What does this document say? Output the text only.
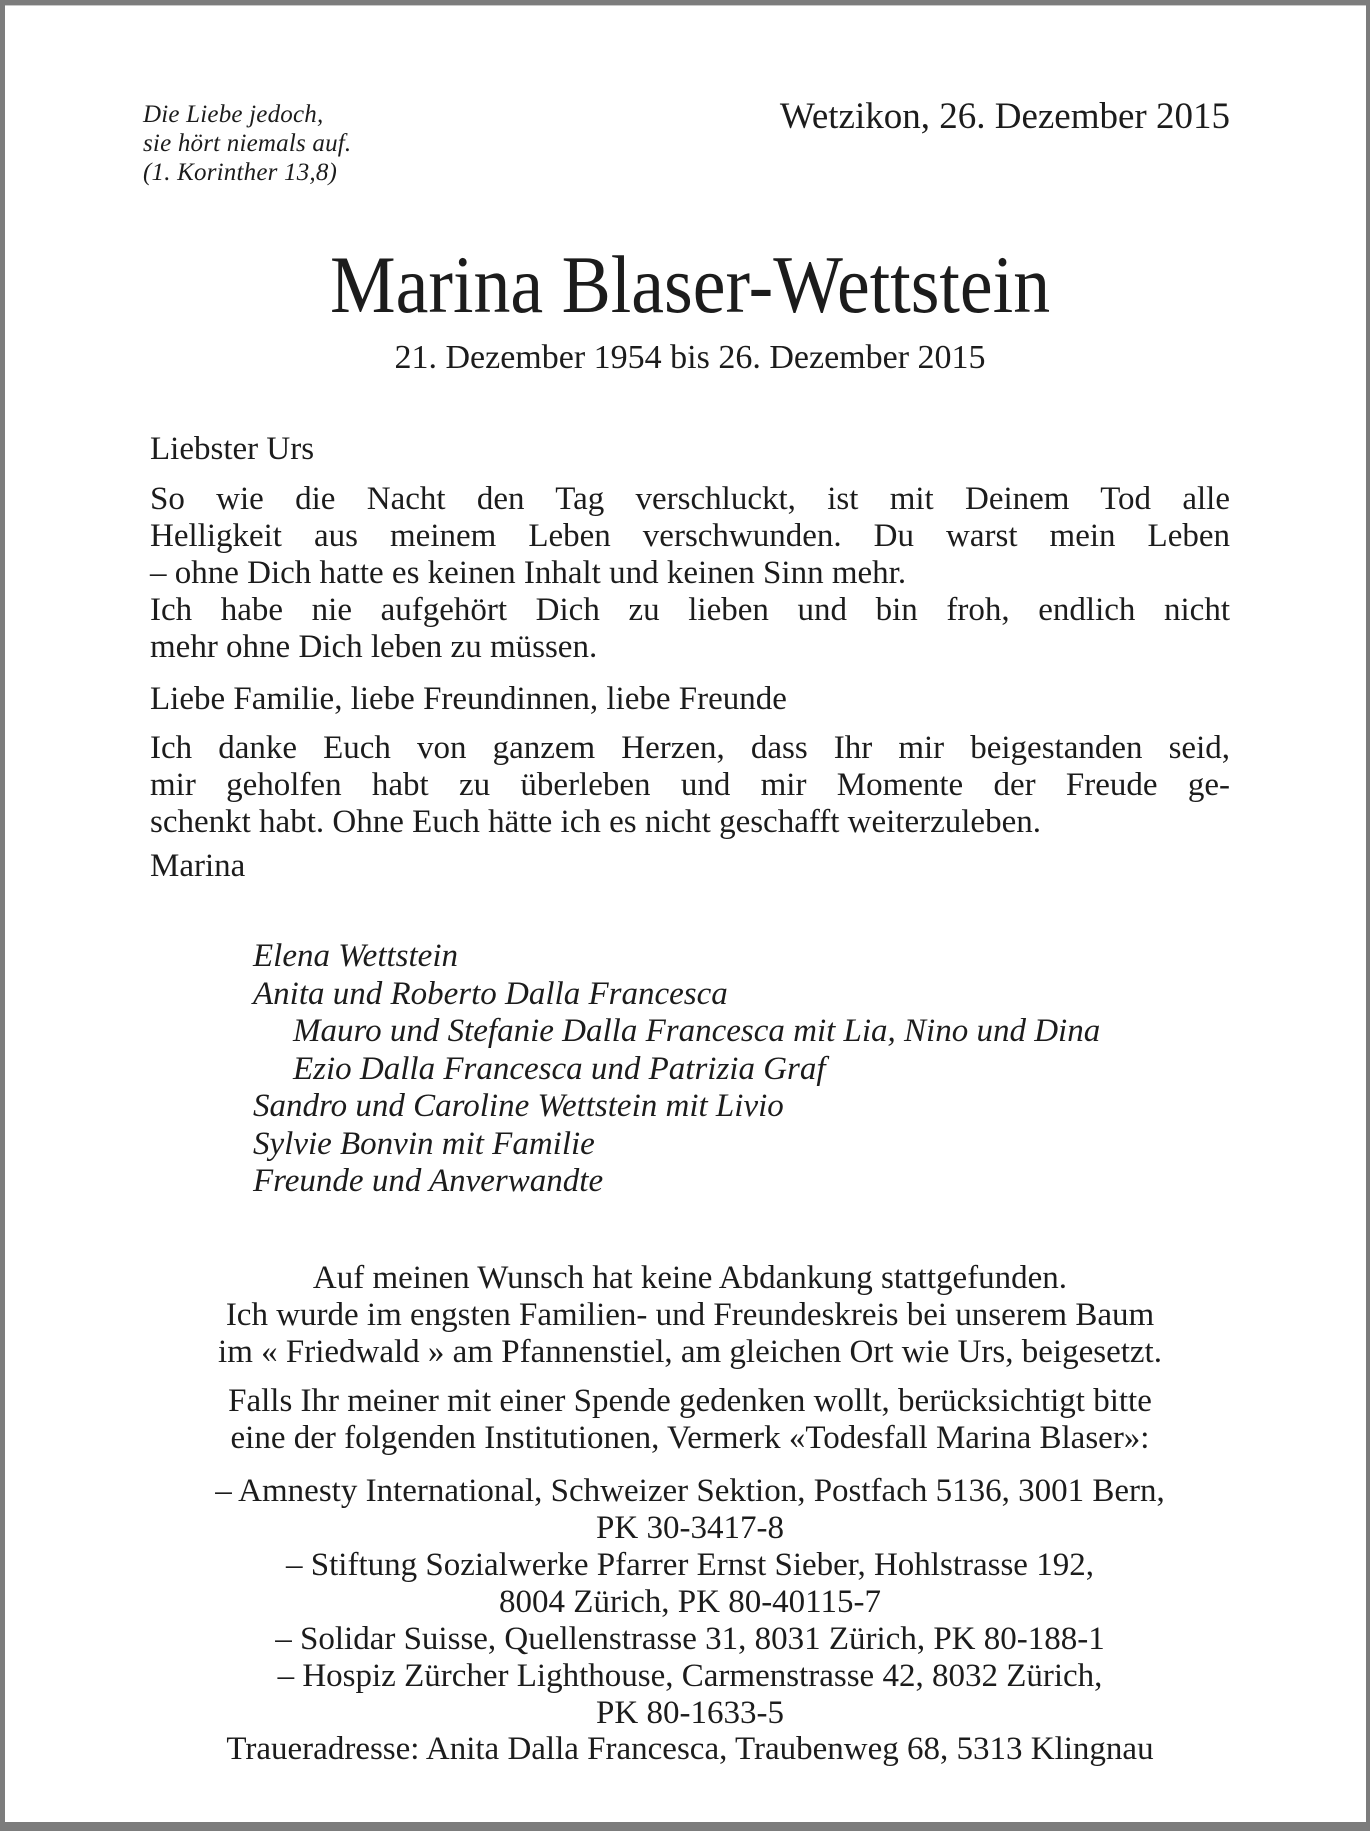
Die Liebe jedoch,
sie hört niemals auf.
(1. Korinther 13,8)
Wetzikon, 26. Dezember 2015
Marina Blaser-Wettstein
21. Dezember 1954 bis 26. Dezember 2015
Liebster Urs
So wie die Nacht den Tag verschluckt, ist mit Deinem Tod alle
Helligkeit aus meinem Leben verschwunden. Du warst mein Leben
– ohne Dich hatte es keinen Inhalt und keinen Sinn mehr.
Ich habe nie aufgehört Dich zu lieben und bin froh, endlich nicht
mehr ohne Dich leben zu müssen.
Liebe Familie, liebe Freundinnen, liebe Freunde
Ich danke Euch von ganzem Herzen, dass Ihr mir beigestanden seid,
mir geholfen habt zu überleben und mir Momente der Freude ge-
schenkt habt. Ohne Euch hätte ich es nicht geschafft weiterzuleben.
Marina
Elena Wettstein
Anita und Roberto Dalla Francesca
Mauro und Stefanie Dalla Francesca mit Lia, Nino und Dina
Ezio Dalla Francesca und Patrizia Graf
Sandro und Caroline Wettstein mit Livio
Sylvie Bonvin mit Familie
Freunde und Anverwandte
Auf meinen Wunsch hat keine Abdankung stattgefunden.
Ich wurde im engsten Familien- und Freundeskreis bei unserem Baum
im « Friedwald » am Pfannenstiel, am gleichen Ort wie Urs, beigesetzt.
Falls Ihr meiner mit einer Spende gedenken wollt, berücksichtigt bitte
eine der folgenden Institutionen, Vermerk «Todesfall Marina Blaser»:
– Amnesty International, Schweizer Sektion, Postfach 5136, 3001 Bern,
PK 30-3417-8
– Stiftung Sozialwerke Pfarrer Ernst Sieber, Hohlstrasse 192,
8004 Zürich, PK 80-40115-7
– Solidar Suisse, Quellenstrasse 31, 8031 Zürich, PK 80-188-1
– Hospiz Zürcher Lighthouse, Carmenstrasse 42, 8032 Zürich,
PK 80-1633-5
Traueradresse: Anita Dalla Francesca, Traubenweg 68, 5313 Klingnau
